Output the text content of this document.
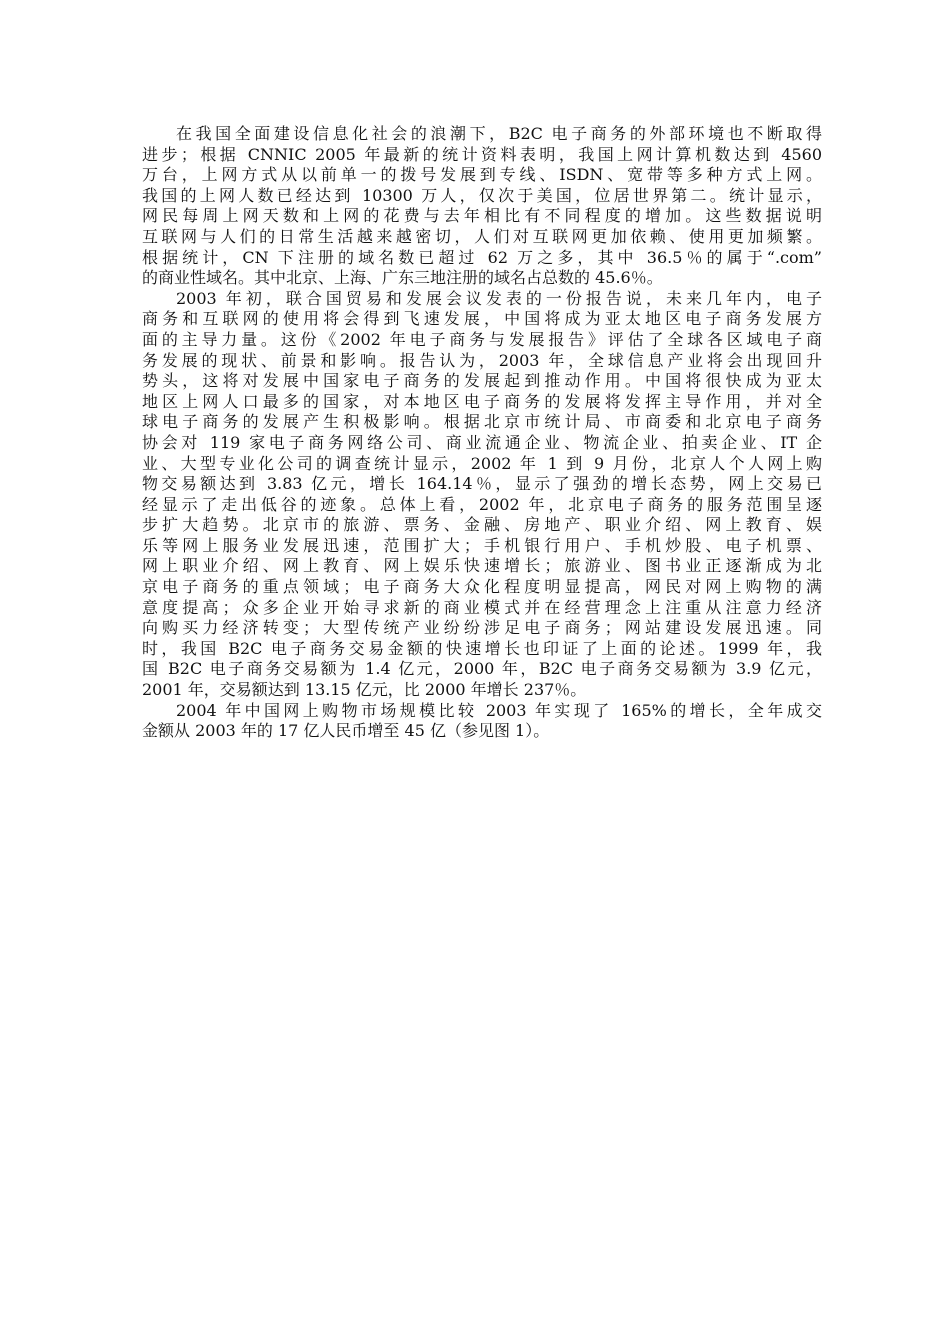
在我国全面建设信息化社会的浪潮下，B2C 电子商务的外部环境也不断取得
进步；根据 CNNIC 2005 年最新的统计资料表明，我国上网计算机数达到 4560
万台，上网方式从以前单一的拨号发展到专线、ISDN、宽带等多种方式上网。
我国的上网人数已经达到 10300 万人，仅次于美国，位居世界第二。统计显示，
网民每周上网天数和上网的花费与去年相比有不同程度的增加。这些数据说明
互联网与人们的日常生活越来越密切，人们对互联网更加依赖、使用更加频繁。
根据统计，CN 下注册的域名数已超过 62 万之多，其中 36.5％的属于“.com”
的商业性域名。其中北京、上海、广东三地注册的域名占总数的 45.6％。
2003 年初，联合国贸易和发展会议发表的一份报告说，未来几年内，电子
商务和互联网的使用将会得到飞速发展，中国将成为亚太地区电子商务发展方
面的主导力量。这份《2002 年电子商务与发展报告》评估了全球各区域电子商
务发展的现状、前景和影响。报告认为，2003 年，全球信息产业将会出现回升
势头，这将对发展中国家电子商务的发展起到推动作用。中国将很快成为亚太
地区上网人口最多的国家，对本地区电子商务的发展将发挥主导作用，并对全
球电子商务的发展产生积极影响。根据北京市统计局、市商委和北京电子商务
协会对 119 家电子商务网络公司、商业流通企业、物流企业、拍卖企业、IT 企
业、大型专业化公司的调查统计显示，2002 年 1 到 9 月份，北京人个人网上购
物交易额达到 3.83 亿元，增长 164.14％，显示了强劲的增长态势，网上交易已
经显示了走出低谷的迹象。总体上看，2002 年，北京电子商务的服务范围呈逐
步扩大趋势。北京市的旅游、票务、金融、房地产、职业介绍、网上教育、娱
乐等网上服务业发展迅速，范围扩大；手机银行用户、手机炒股、电子机票、
网上职业介绍、网上教育、网上娱乐快速增长；旅游业、图书业正逐渐成为北
京电子商务的重点领域；电子商务大众化程度明显提高，网民对网上购物的满
意度提高；众多企业开始寻求新的商业模式并在经营理念上注重从注意力经济
向购买力经济转变；大型传统产业纷纷涉足电子商务；网站建设发展迅速。同
时，我国 B2C 电子商务交易金额的快速增长也印证了上面的论述。1999 年，我
国 B2C 电子商务交易额为 1.4 亿元，2000 年，B2C 电子商务交易额为 3.9 亿元，
2001 年，交易额达到 13.15 亿元，比 2000 年增长 237％。
2004 年中国网上购物市场规模比较 2003 年实现了 165%的增长，全年成交
金额从 2003 年的 17 亿人民币增至 45 亿（参见图 1）。
